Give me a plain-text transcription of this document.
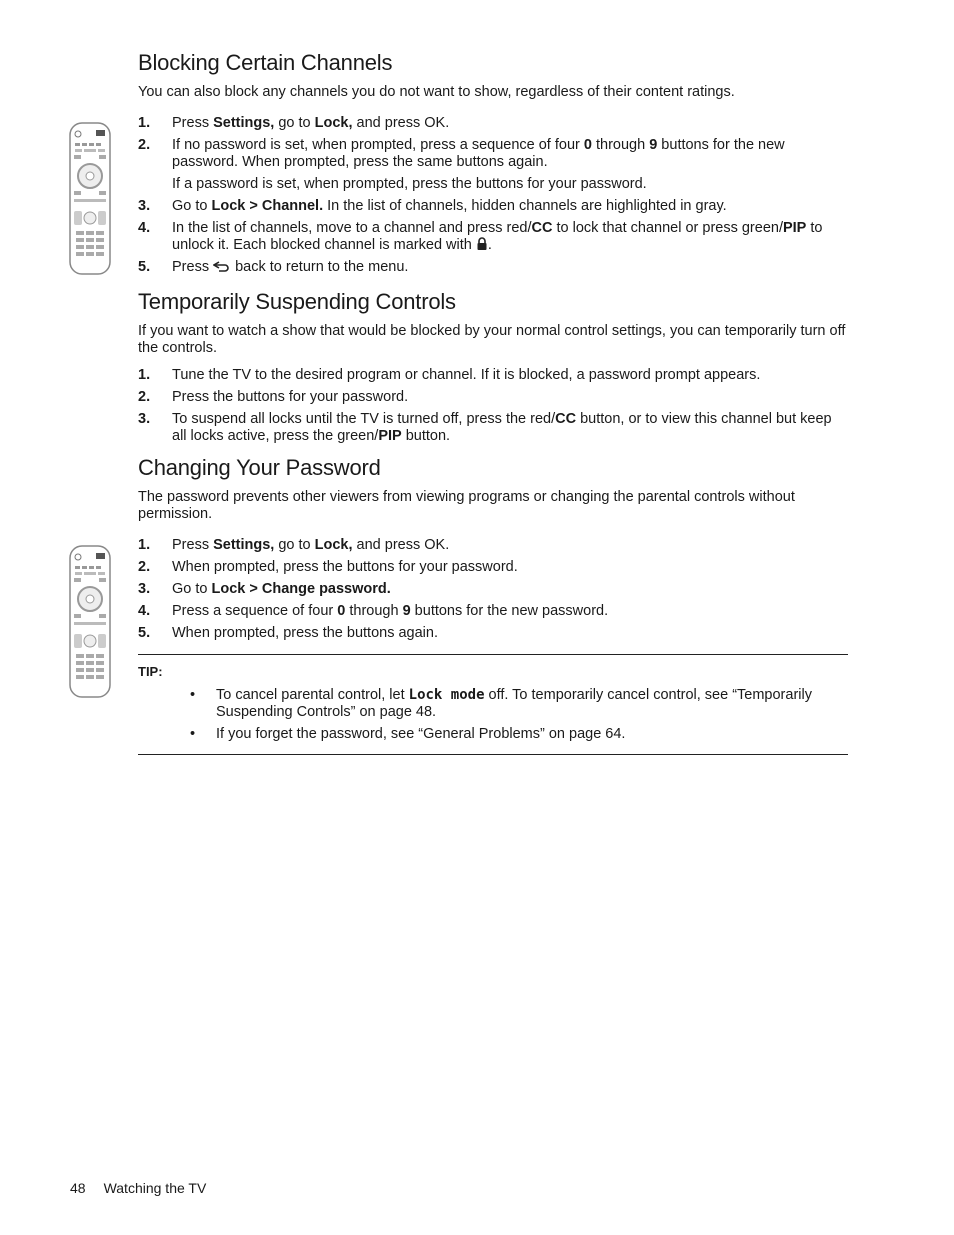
Blocking Certain Channels

You can also block any channels you do not want to show, regardless of their content ratings.

1. Press Settings, go to Lock, and press OK.
2. If no password is set, when prompted, press a sequence of four 0 through 9 buttons for the new password. When prompted, press the same buttons again.
If a password is set, when prompted, press the buttons for your password.
3. Go to Lock > Channel. In the list of channels, hidden channels are highlighted in gray.
4. In the list of channels, move to a channel and press red/CC to lock that channel or press green/PIP to unlock it. Each blocked channel is marked with .
5. Press  back to return to the menu.
Temporarily Suspending Controls

If you want to watch a show that would be blocked by your normal control settings, you can temporarily turn off the controls.

1. Tune the TV to the desired program or channel. If it is blocked, a password prompt appears.
2. Press the buttons for your password.
3. To suspend all locks until the TV is turned off, press the red/CC button, or to view this channel but keep all locks active, press the green/PIP button.
Changing Your Password

The password prevents other viewers from viewing programs or changing the parental controls without permission.

1. Press Settings, go to Lock, and press OK.
2. When prompted, press the buttons for your password.
3. Go to Lock > Change password.
4. Press a sequence of four 0 through 9 buttons for the new password.
5. When prompted, press the buttons again.
TIP:
• To cancel parental control, let Lock mode off. To temporarily cancel control, see “Temporarily Suspending Controls” on page 48.
• If you forget the password, see “General Problems” on page 64.
48 Watching the TV
